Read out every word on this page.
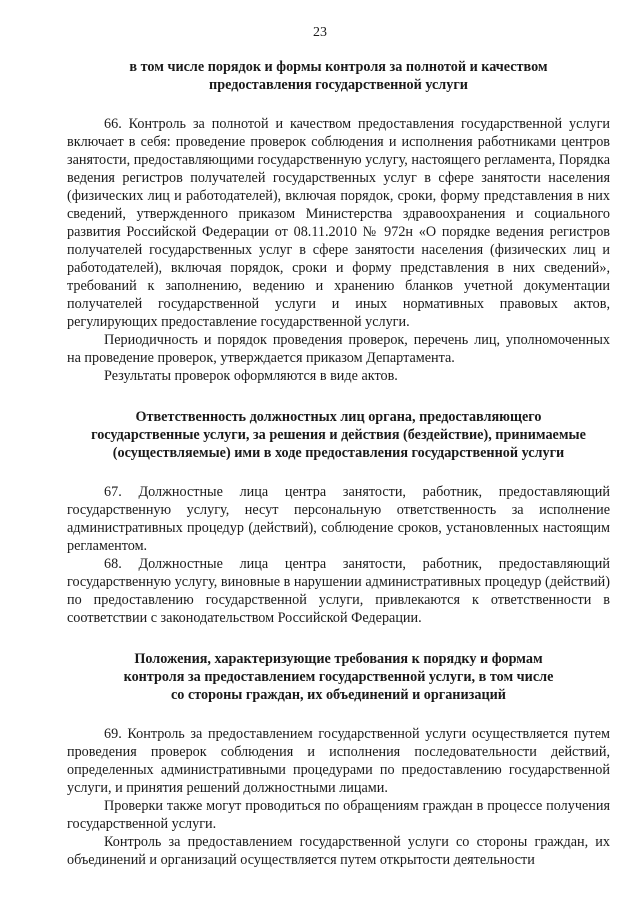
23

в том числе порядок и формы контроля за полнотой и качеством

предоставления государственной услуги

66. Контроль за полнотой и качеством предоставления государственной услуги включает в себя: проведение проверок соблюдения и исполнения работниками центров занятости, предоставляющими государственную услугу, настоящего регламента, Порядка ведения регистров получателей государственных услуг в сфере занятости населения (физических лиц и работодателей), включая порядок, сроки, форму представления в них сведений, утвержденного приказом Министерства здравоохранения и социального развития Российской Федерации от 08.11.2010 № 972н «О порядке ведения регистров получателей государственных услуг в сфере занятости населения (физических лиц и работодателей), включая порядок, сроки и форму представления в них сведений», требований к заполнению, ведению и хранению бланков учетной документации получателей государственной услуги и иных нормативных правовых актов, регулирующих предоставление государственной услуги.

Периодичность и порядок проведения проверок, перечень лиц, уполномоченных на проведение проверок, утверждается приказом Департамента.

Результаты проверок оформляются в виде актов.

Ответственность должностных лиц органа, предоставляющего

государственные услуги, за решения и действия (бездействие), принимаемые

(осуществляемые) ими в ходе предоставления государственной услуги

67. Должностные лица центра занятости, работник, предоставляющий государственную услугу, несут персональную ответственность за исполнение административных процедур (действий), соблюдение сроков, установленных настоящим регламентом.

68. Должностные лица центра занятости, работник, предоставляющий государственную услугу, виновные в нарушении административных процедур (действий) по предоставлению государственной услуги, привлекаются к ответственности в соответствии с законодательством Российской Федерации.

Положения, характеризующие требования к порядку и формам

контроля за предоставлением государственной услуги, в том числе

со стороны граждан, их объединений и организаций

69. Контроль за предоставлением государственной услуги осуществляется путем проведения проверок соблюдения и исполнения последовательности действий, определенных административными процедурами по предоставлению государственной услуги, и принятия решений должностными лицами.

Проверки также могут проводиться по обращениям граждан в процессе получения государственной услуги.

Контроль за предоставлением государственной услуги со стороны граждан, их объединений и организаций осуществляется путем открытости деятельности
